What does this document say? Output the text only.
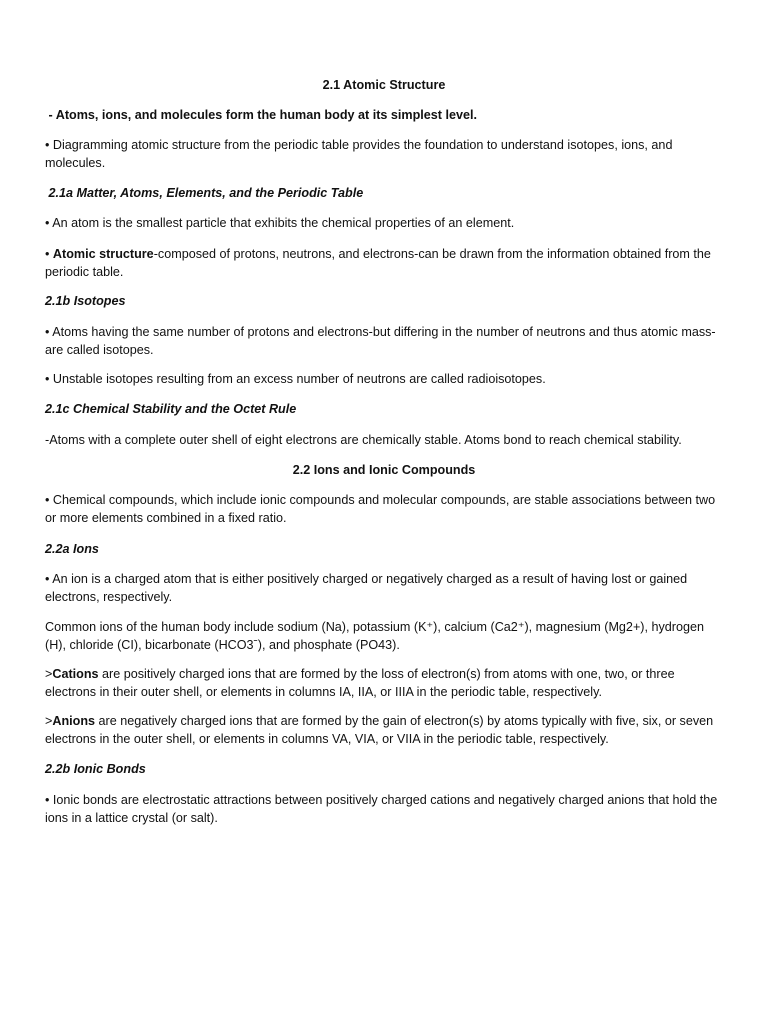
2.1 Atomic Structure

- Atoms, ions, and molecules form the human body at its simplest level.

• Diagramming atomic structure from the periodic table provides the foundation to understand isotopes, ions, and molecules.

2.1a Matter, Atoms, Elements, and the Periodic Table

• An atom is the smallest particle that exhibits the chemical properties of an element.

• Atomic structure-composed of protons, neutrons, and electrons-can be drawn from the information obtained from the periodic table.

2.1b Isotopes

• Atoms having the same number of protons and electrons-but differing in the number of neutrons and thus atomic mass- are called isotopes.

• Unstable isotopes resulting from an excess number of neutrons are called radioisotopes.

2.1c Chemical Stability and the Octet Rule

-Atoms with a complete outer shell of eight electrons are chemically stable. Atoms bond to reach chemical stability.

2.2 Ions and Ionic Compounds

• Chemical compounds, which include ionic compounds and molecular compounds, are stable associations between two or more elements combined in a fixed ratio.

2.2a Ions

• An ion is a charged atom that is either positively charged or negatively charged as a result of having lost or gained electrons, respectively.

Common ions of the human body include sodium (Na), potassium (K⁺), calcium (Ca2⁺), magnesium (Mg2+), hydrogen (H), chloride (CI), bicarbonate (HCO3ˉ), and phosphate (PO43).

>Cations are positively charged ions that are formed by the loss of electron(s) from atoms with one, two, or three electrons in their outer shell, or elements in columns IA, IIA, or IIIA in the periodic table, respectively.

>Anions are negatively charged ions that are formed by the gain of electron(s) by atoms typically with five, six, or seven electrons in the outer shell, or elements in columns VA, VIA, or VIIA in the periodic table, respectively.

2.2b Ionic Bonds

• Ionic bonds are electrostatic attractions between positively charged cations and negatively charged anions that hold the ions in a lattice crystal (or salt).
